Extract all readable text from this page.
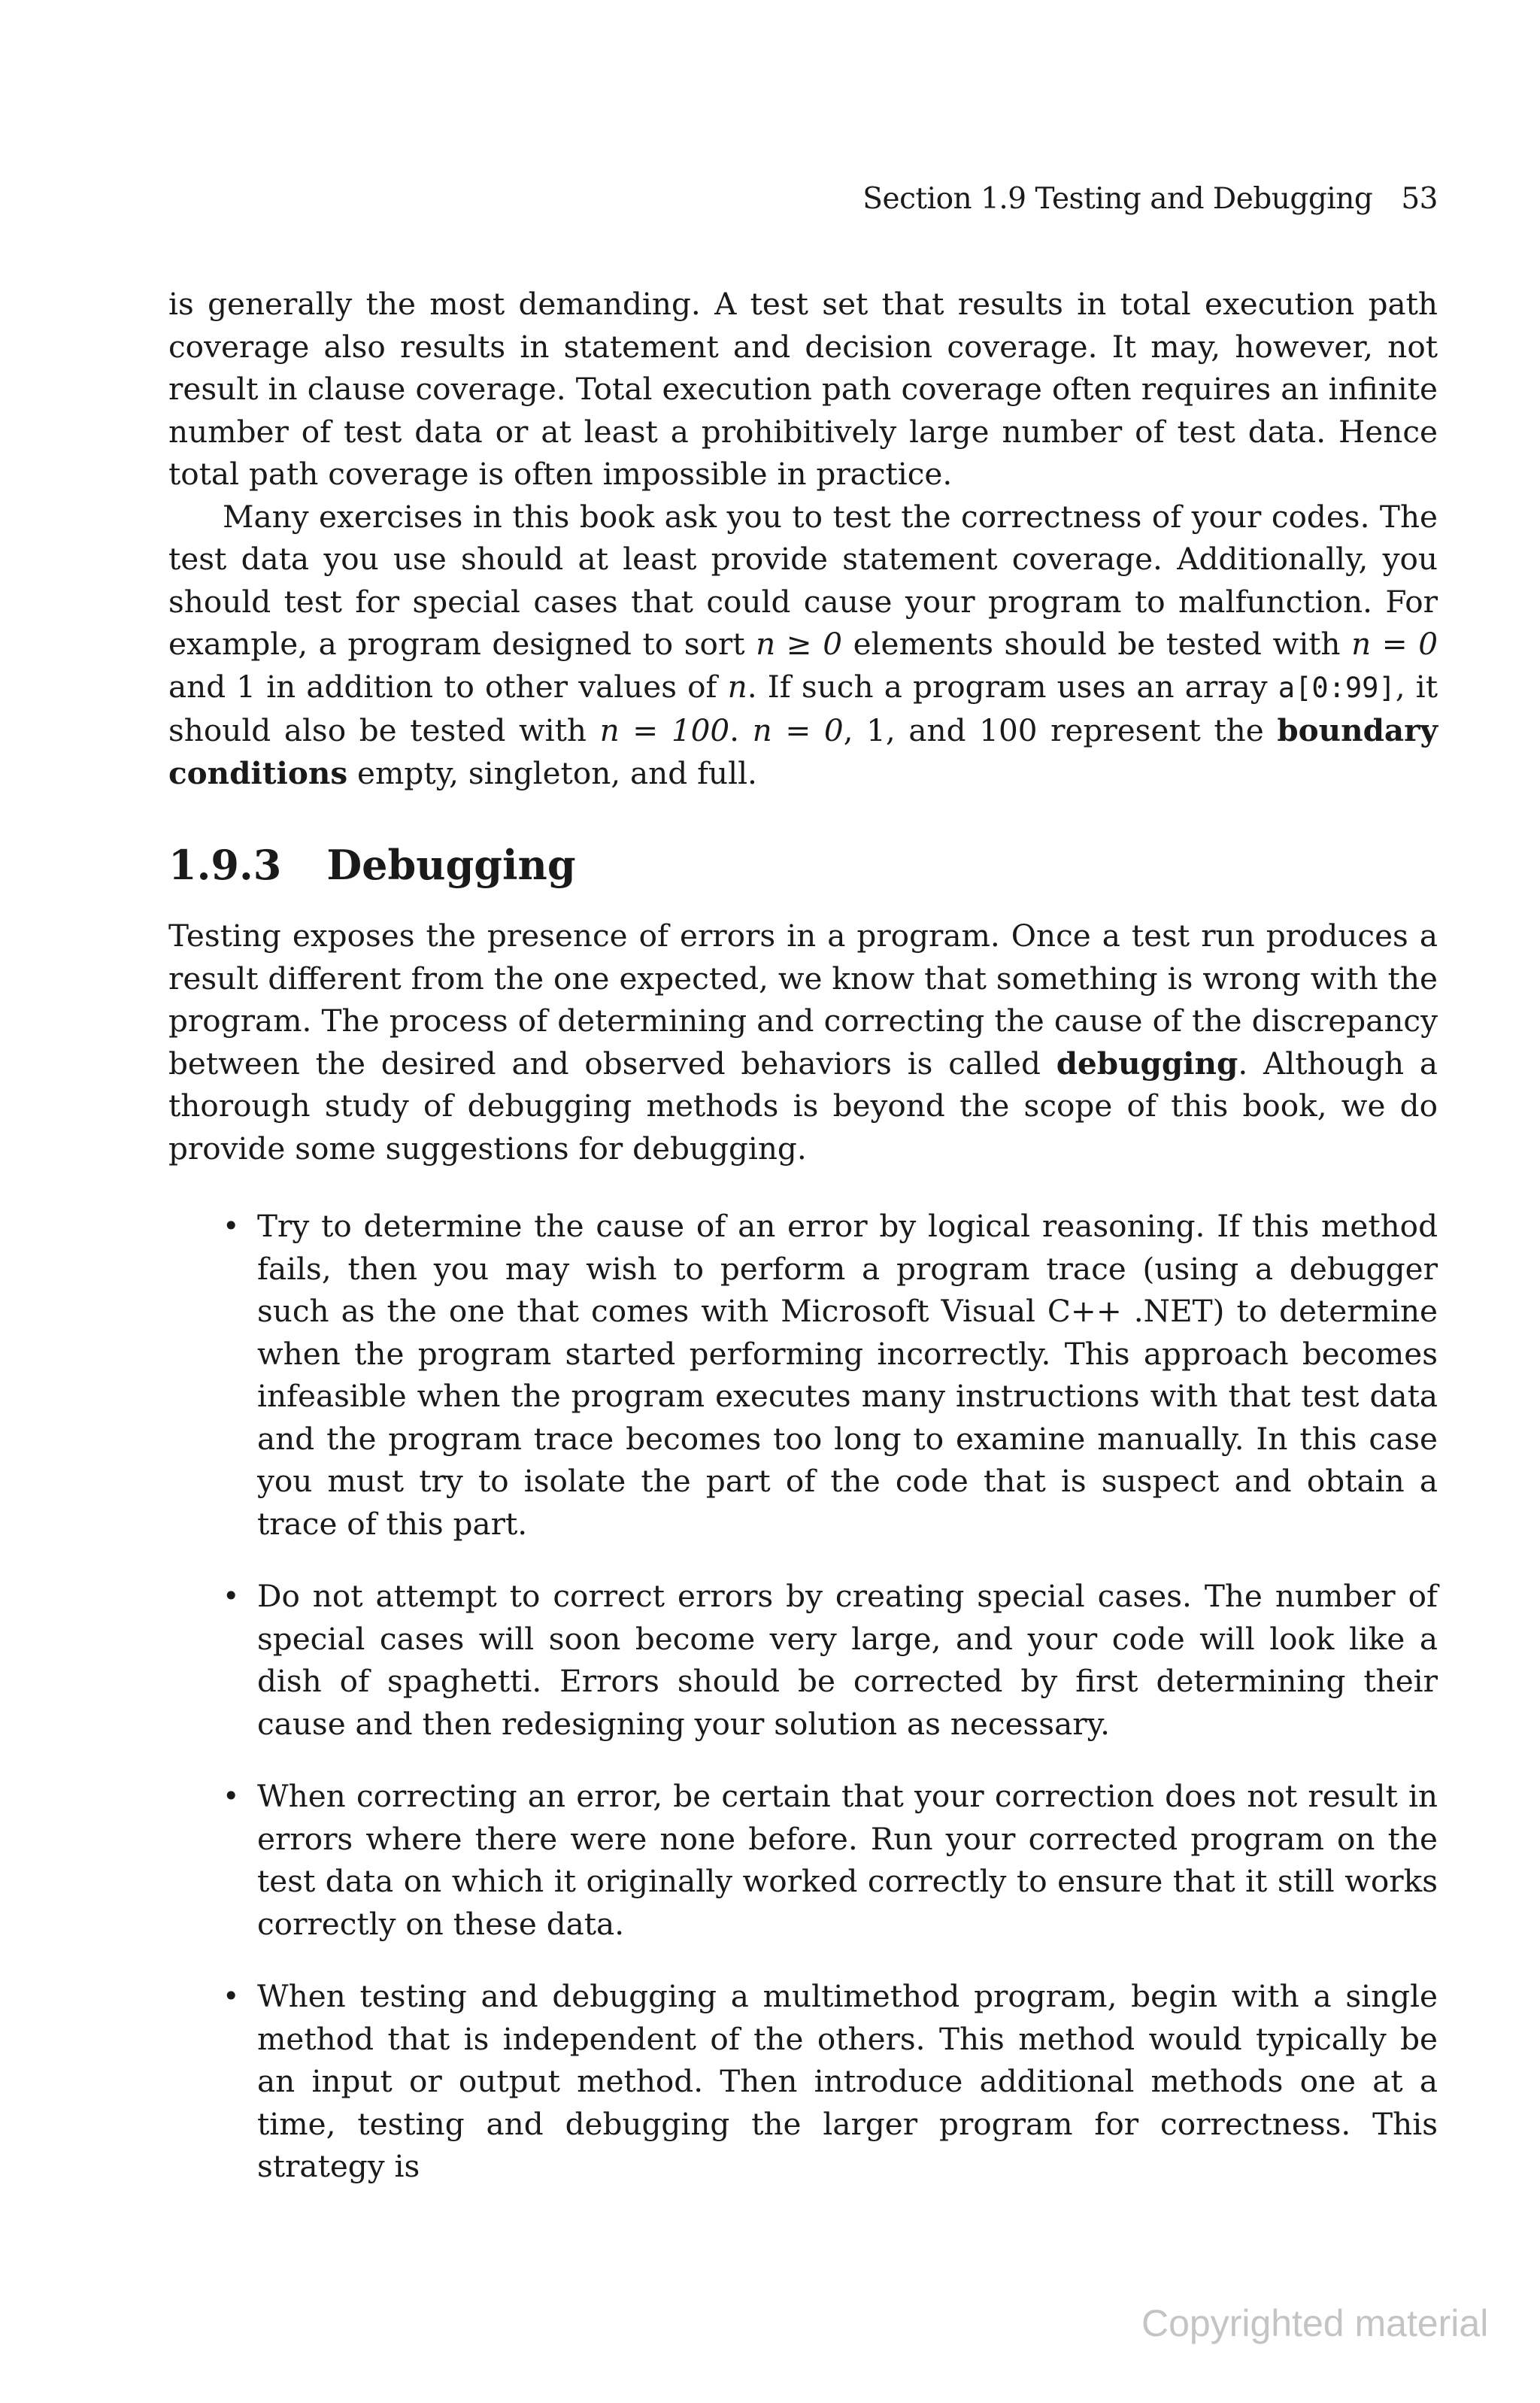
Section 1.9 Testing and Debugging 53

is generally the most demanding. A test set that results in total execution path coverage also results in statement and decision coverage. It may, however, not result in clause coverage. Total execution path coverage often requires an infinite number of test data or at least a prohibitively large number of test data. Hence total path coverage is often impossible in practice.

Many exercises in this book ask you to test the correctness of your codes. The test data you use should at least provide statement coverage. Additionally, you should test for special cases that could cause your program to malfunction. For example, a program designed to sort n ≥ 0 elements should be tested with n = 0 and 1 in addition to other values of n. If such a program uses an array a[0:99], it should also be tested with n = 100. n = 0, 1, and 100 represent the boundary conditions empty, singleton, and full.

1.9.3 Debugging

Testing exposes the presence of errors in a program. Once a test run produces a result different from the one expected, we know that something is wrong with the program. The process of determining and correcting the cause of the discrepancy between the desired and observed behaviors is called debugging. Although a thorough study of debugging methods is beyond the scope of this book, we do provide some suggestions for debugging.

• Try to determine the cause of an error by logical reasoning. If this method fails, then you may wish to perform a program trace (using a debugger such as the one that comes with Microsoft Visual C++ .NET) to determine when the program started performing incorrectly. This approach becomes infeasible when the program executes many instructions with that test data and the program trace becomes too long to examine manually. In this case you must try to isolate the part of the code that is suspect and obtain a trace of this part.
• Do not attempt to correct errors by creating special cases. The number of special cases will soon become very large, and your code will look like a dish of spaghetti. Errors should be corrected by first determining their cause and then redesigning your solution as necessary.
• When correcting an error, be certain that your correction does not result in errors where there were none before. Run your corrected program on the test data on which it originally worked correctly to ensure that it still works correctly on these data.
• When testing and debugging a multimethod program, begin with a single method that is independent of the others. This method would typically be an input or output method. Then introduce additional methods one at a time, testing and debugging the larger program for correctness. This strategy is
Copyrighted material
